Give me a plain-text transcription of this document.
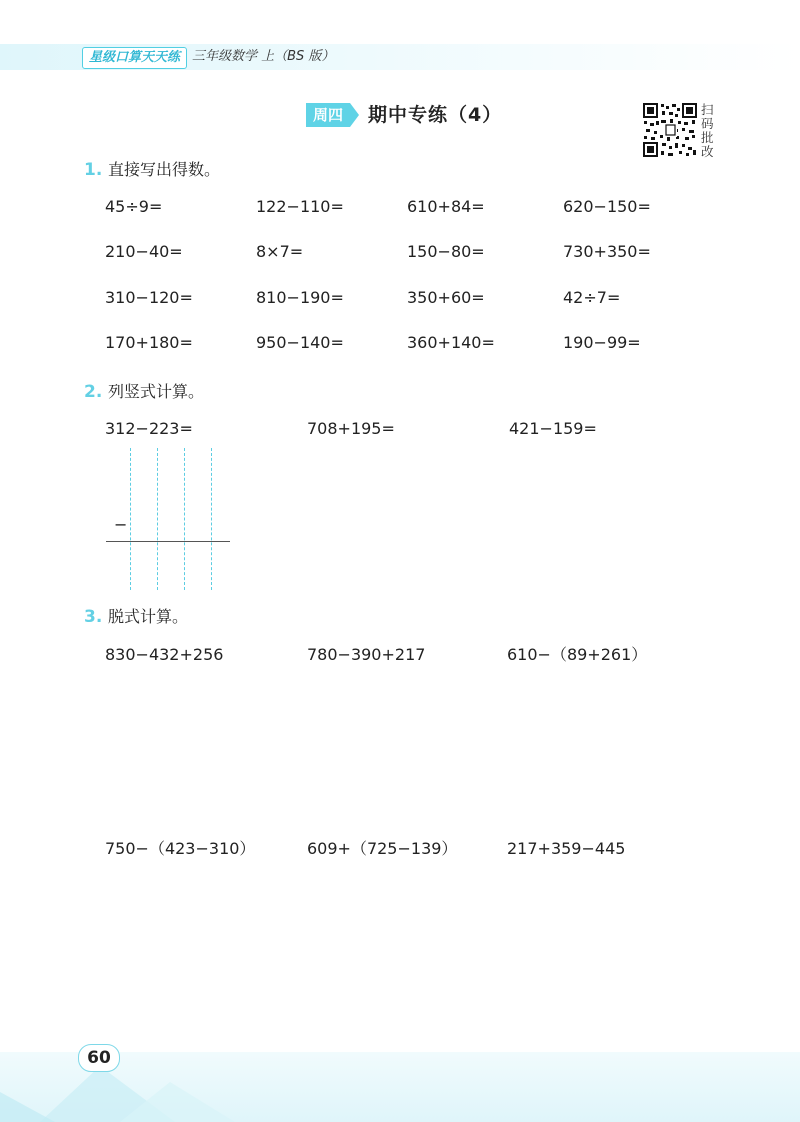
星级口算天天练 三年级数学 上（BS 版）
周四	期中专练（4）	扫
码
批
改
1. 直接写出得数。
45÷9=	122−110=	610+84=	620−150=
210−40=	8×7=	150−80=	730+350=
310−120=	810−190=	350+60=	42÷7=
170+180=	950−140=	360+140=	190−99=
2. 列竖式计算。
312−223=	708+195=	421−159=
−
3. 脱式计算。
830−432+256	780−390+217	610−（89+261）
750−（423−310）	609+（725−139）	217+359−445
60
